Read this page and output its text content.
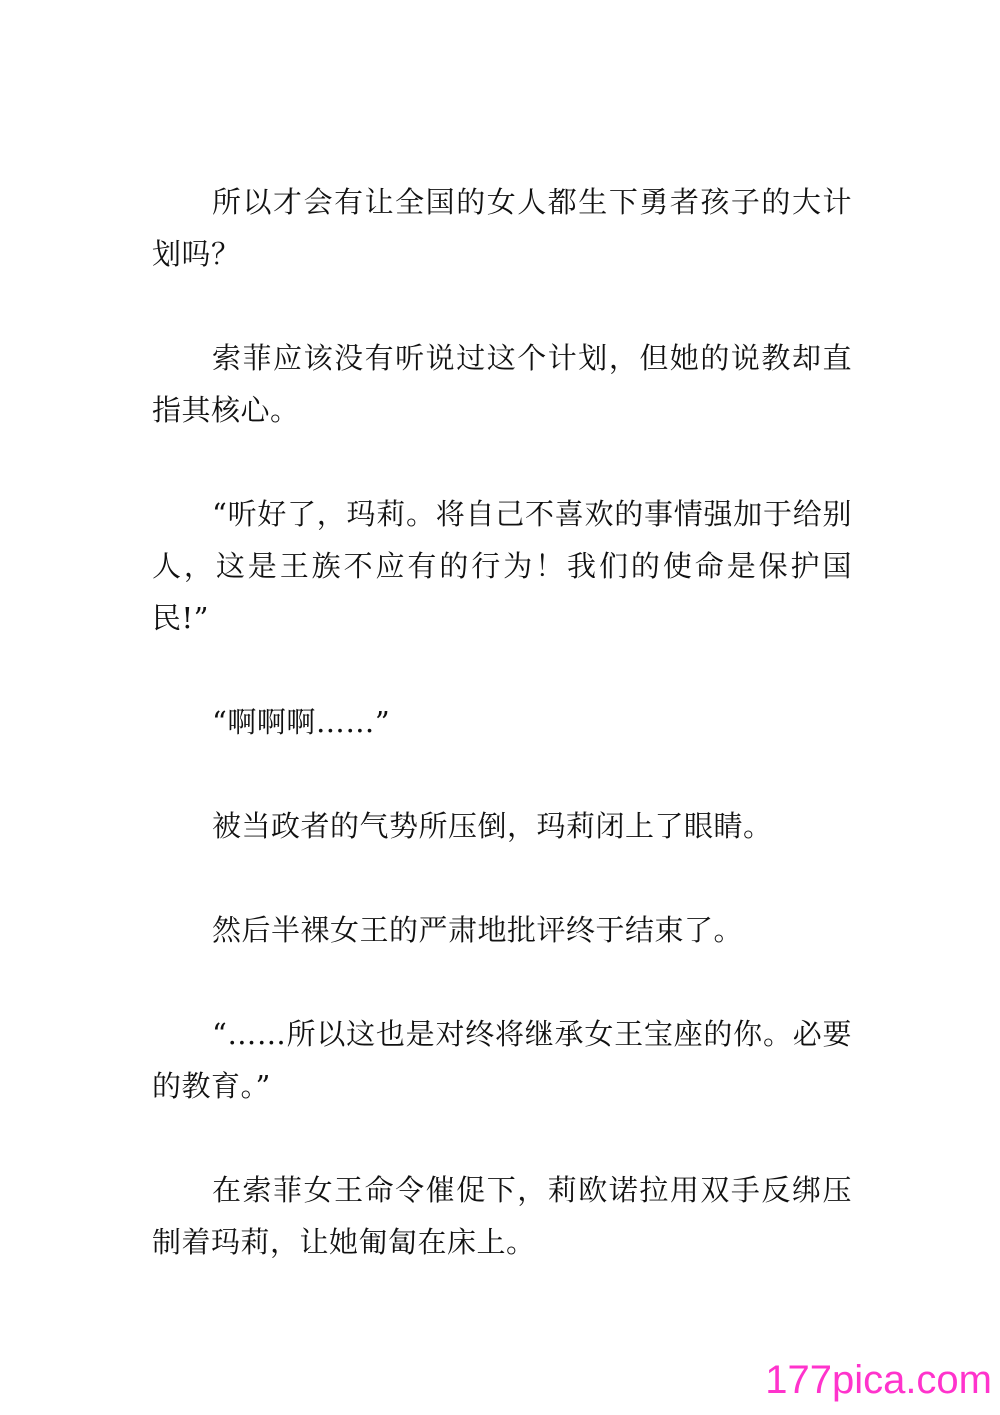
所以才会有让全国的女人都生下勇者孩子的大计划吗？

索菲应该没有听说过这个计划，但她的说教却直指其核心。

“听好了，玛莉。将自己不喜欢的事情强加于给别人，这是王族不应有的行为！我们的使命是保护国民!”

“啊啊啊……”

被当政者的气势所压倒，玛莉闭上了眼睛。

然后半裸女王的严肃地批评终于结束了。

“……所以这也是对终将继承女王宝座的你。必要的教育。”

在索菲女王命令催促下，莉欧诺拉用双手反绑压制着玛莉，让她匍匐在床上。

177pica.com
